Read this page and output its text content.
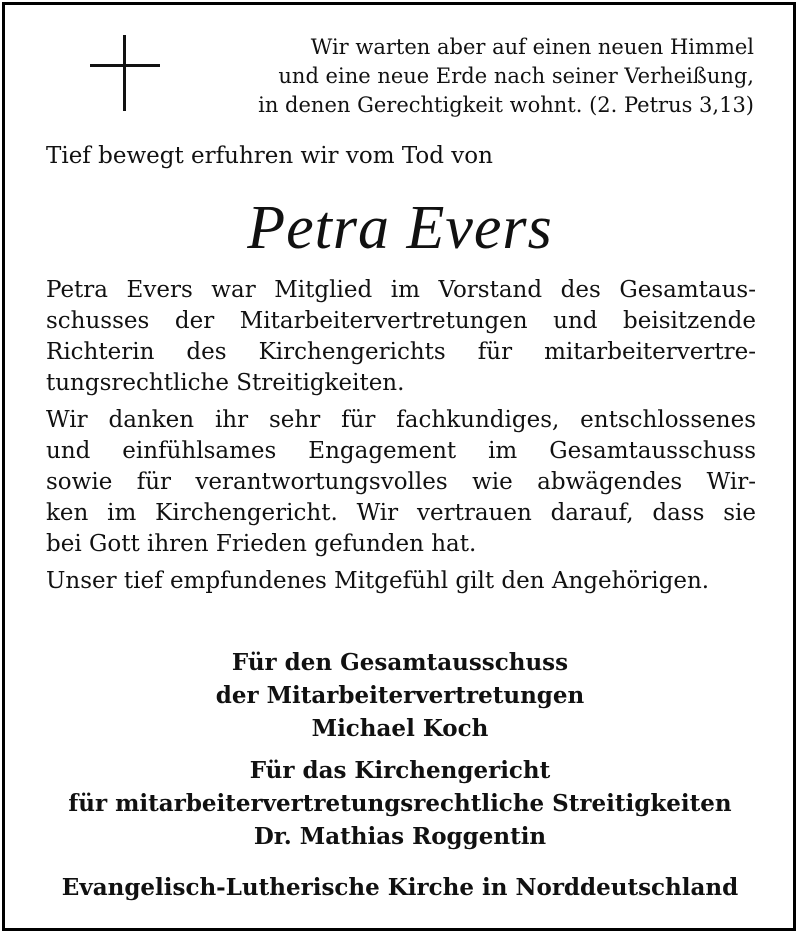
Wir warten aber auf einen neuen Himmel
und eine neue Erde nach seiner Verheißung,
in denen Gerechtigkeit wohnt. (2. Petrus 3,13)
Tief bewegt erfuhren wir vom Tod von
Petra Evers
Petra Evers war Mitglied im Vorstand des Gesamtaus-
schusses der Mitarbeitervertretungen und beisitzende
Richterin des Kirchengerichts für mitarbeitervertre-
tungsrechtliche Streitigkeiten.
Wir danken ihr sehr für fachkundiges, entschlossenes
und einfühlsames Engagement im Gesamtausschuss
sowie für verantwortungsvolles wie abwägendes Wir-
ken im Kirchengericht. Wir vertrauen darauf, dass sie
bei Gott ihren Frieden gefunden hat.
Unser tief empfundenes Mitgefühl gilt den Angehörigen.
Für den Gesamtausschuss
der Mitarbeitervertretungen
Michael Koch
Für das Kirchengericht
für mitarbeitervertretungsrechtliche Streitigkeiten
Dr. Mathias Roggentin
Evangelisch-Lutherische Kirche in Norddeutschland
